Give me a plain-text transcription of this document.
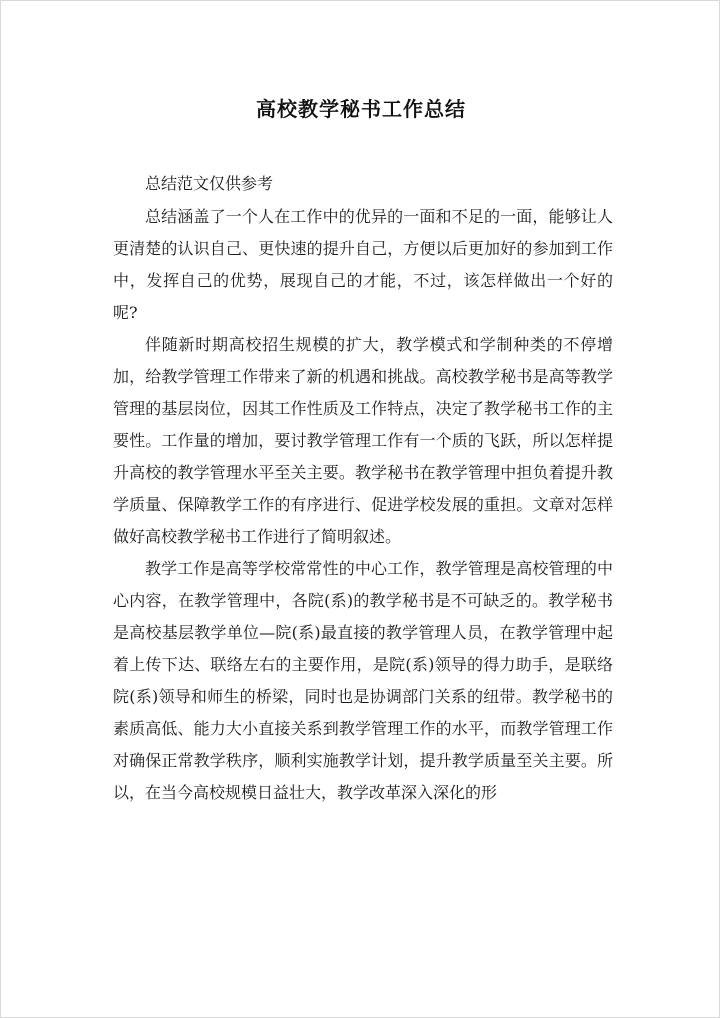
高校教学秘书工作总结
总结范文仅供参考

总结涵盖了一个人在工作中的优异的一面和不足的一面，能够让人更清楚的认识自己、更快速的提升自己，方便以后更加好的参加到工作中，发挥自己的优势，展现自己的才能，不过，该怎样做出一个好的呢?

伴随新时期高校招生规模的扩大，教学模式和学制种类的不停增加，给教学管理工作带来了新的机遇和挑战。高校教学秘书是高等教学管理的基层岗位，因其工作性质及工作特点，决定了教学秘书工作的主要性。工作量的增加，要讨教学管理工作有一个质的飞跃，所以怎样提升高校的教学管理水平至关主要。教学秘书在教学管理中担负着提升教学质量、保障教学工作的有序进行、促进学校发展的重担。文章对怎样做好高校教学秘书工作进行了简明叙述。

教学工作是高等学校常常性的中心工作，教学管理是高校管理的中心内容，在教学管理中，各院(系)的教学秘书是不可缺乏的。教学秘书是高校基层教学单位—院(系)最直接的教学管理人员，在教学管理中起着上传下达、联络左右的主要作用，是院(系)领导的得力助手，是联络院(系)领导和师生的桥梁，同时也是协调部门关系的纽带。教学秘书的素质高低、能力大小直接关系到教学管理工作的水平，而教学管理工作对确保正常教学秩序，顺利实施教学计划，提升教学质量至关主要。所以，在当今高校规模日益壮大，教学改革深入深化的形
